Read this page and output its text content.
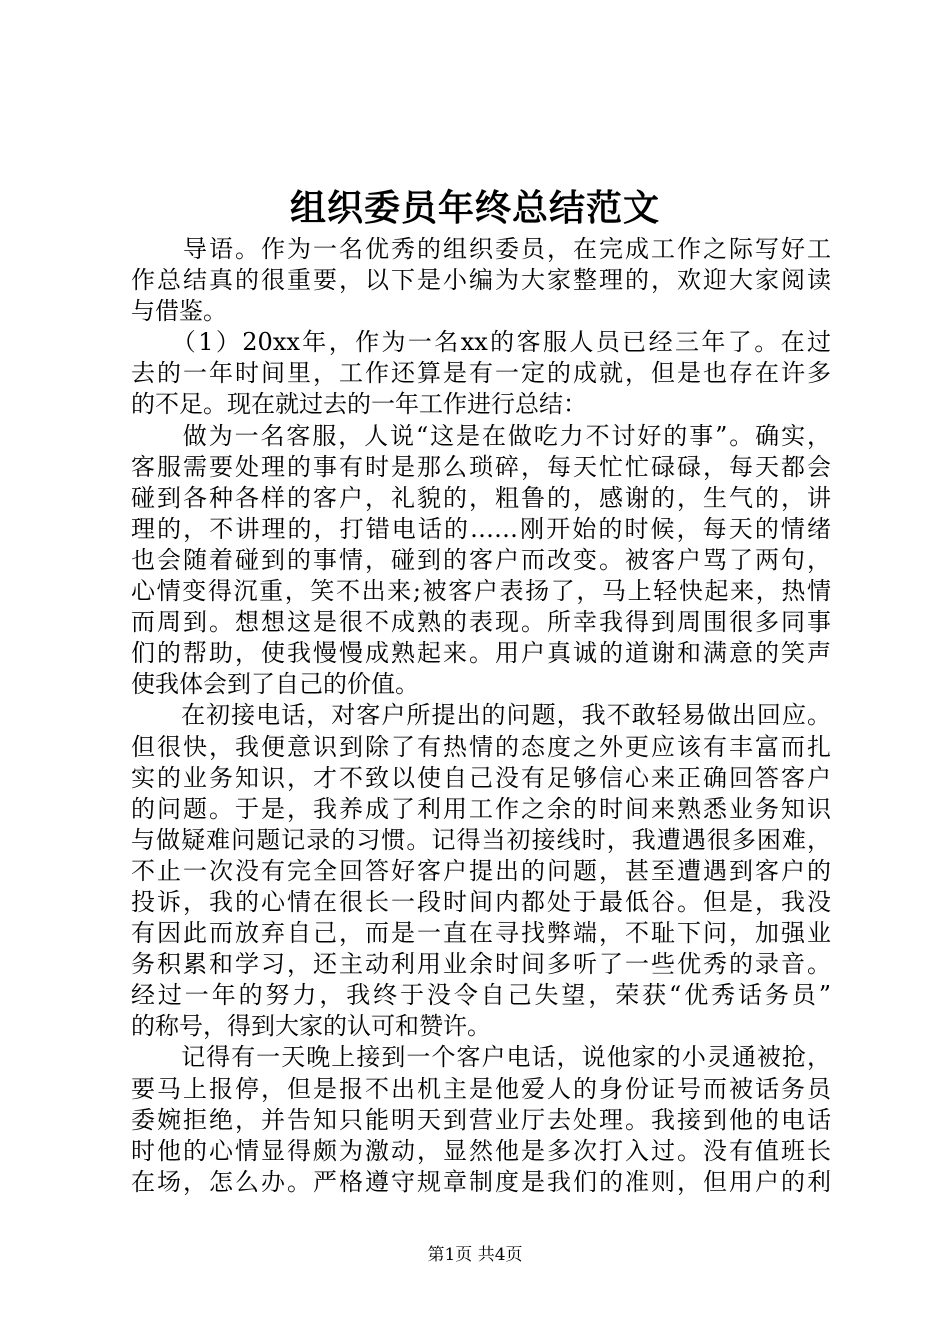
组织委员年终总结范文
　　导语。作为一名优秀的组织委员，在完成工作之际写好工
作总结真的很重要，以下是小编为大家整理的，欢迎大家阅读
与借鉴。
　　（1）20xx年，作为一名xx的客服人员已经三年了。在过
去的一年时间里，工作还算是有一定的成就，但是也存在许多
的不足。现在就过去的一年工作进行总结：
　　做为一名客服，人说“这是在做吃力不讨好的事”。确实，
客服需要处理的事有时是那么琐碎，每天忙忙碌碌，每天都会
碰到各种各样的客户，礼貌的，粗鲁的，感谢的，生气的，讲
理的，不讲理的，打错电话的……刚开始的时候，每天的情绪
也会随着碰到的事情，碰到的客户而改变。被客户骂了两句，
心情变得沉重，笑不出来;被客户表扬了，马上轻快起来，热情
而周到。想想这是很不成熟的表现。所幸我得到周围很多同事
们的帮助，使我慢慢成熟起来。用户真诚的道谢和满意的笑声
使我体会到了自己的价值。
　　在初接电话，对客户所提出的问题，我不敢轻易做出回应。
但很快，我便意识到除了有热情的态度之外更应该有丰富而扎
实的业务知识，才不致以使自己没有足够信心来正确回答客户
的问题。于是，我养成了利用工作之余的时间来熟悉业务知识
与做疑难问题记录的习惯。记得当初接线时，我遭遇很多困难，
不止一次没有完全回答好客户提出的问题，甚至遭遇到客户的
投诉，我的心情在很长一段时间内都处于最低谷。但是，我没
有因此而放弃自己，而是一直在寻找弊端，不耻下问，加强业
务积累和学习，还主动利用业余时间多听了一些优秀的录音。
经过一年的努力，我终于没令自己失望，荣获“优秀话务员”
的称号，得到大家的认可和赞许。
　　记得有一天晚上接到一个客户电话，说他家的小灵通被抢，
要马上报停，但是报不出机主是他爱人的身份证号而被话务员
委婉拒绝，并告知只能明天到营业厅去处理。我接到他的电话
时他的心情显得颇为激动，显然他是多次打入过。没有值班长
在场，怎么办。严格遵守规章制度是我们的准则，但用户的利
第1页 共4页
